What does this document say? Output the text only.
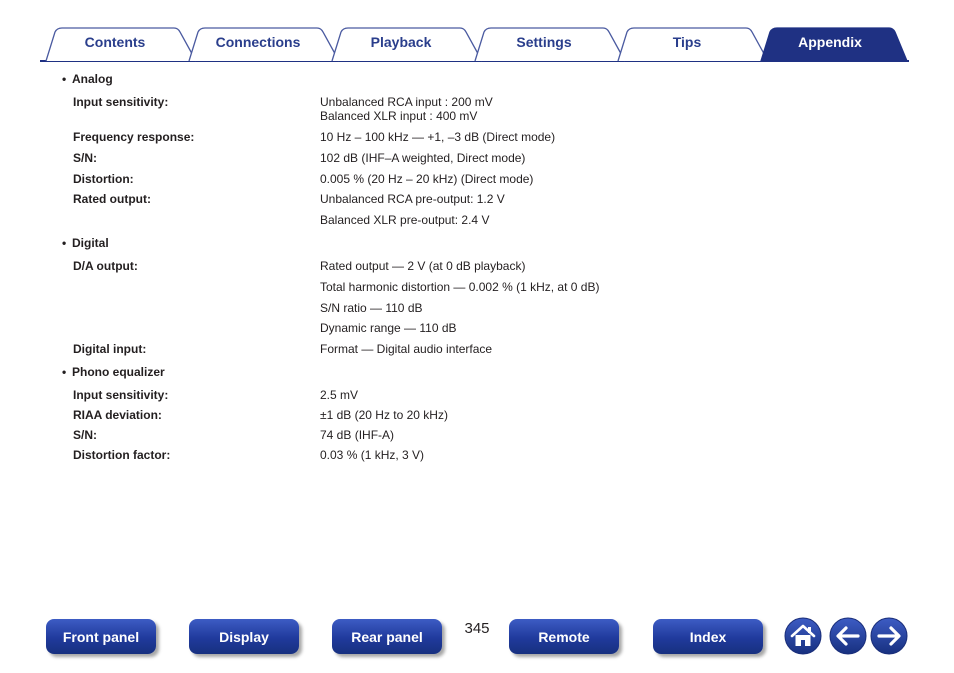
Contents	Connections	Playback	Settings	Tips	Appendix
• Analog
Input sensitivity:	Unbalanced RCA input : 200 mV
Balanced XLR input : 400 mV
Frequency response:	10 Hz – 100 kHz — +1, –3 dB (Direct mode)
S/N:	102 dB (IHF–A weighted, Direct mode)
Distortion:	0.005 % (20 Hz – 20 kHz) (Direct mode)
Rated output:	Unbalanced RCA pre-output: 1.2 V
Balanced XLR pre-output: 2.4 V
• Digital
D/A output:	Rated output — 2 V (at 0 dB playback)
Total harmonic distortion — 0.002 % (1 kHz, at 0 dB)
S/N ratio — 110 dB
Dynamic range — 110 dB
Digital input:	Format — Digital audio interface
• Phono equalizer
Input sensitivity:	2.5 mV
RIAA deviation:	±1 dB (20 Hz to 20 kHz)
S/N:	74 dB (IHF-A)
Distortion factor:	0.03 % (1 kHz, 3 V)
Front panel	Display	Rear panel	345	Remote	Index
